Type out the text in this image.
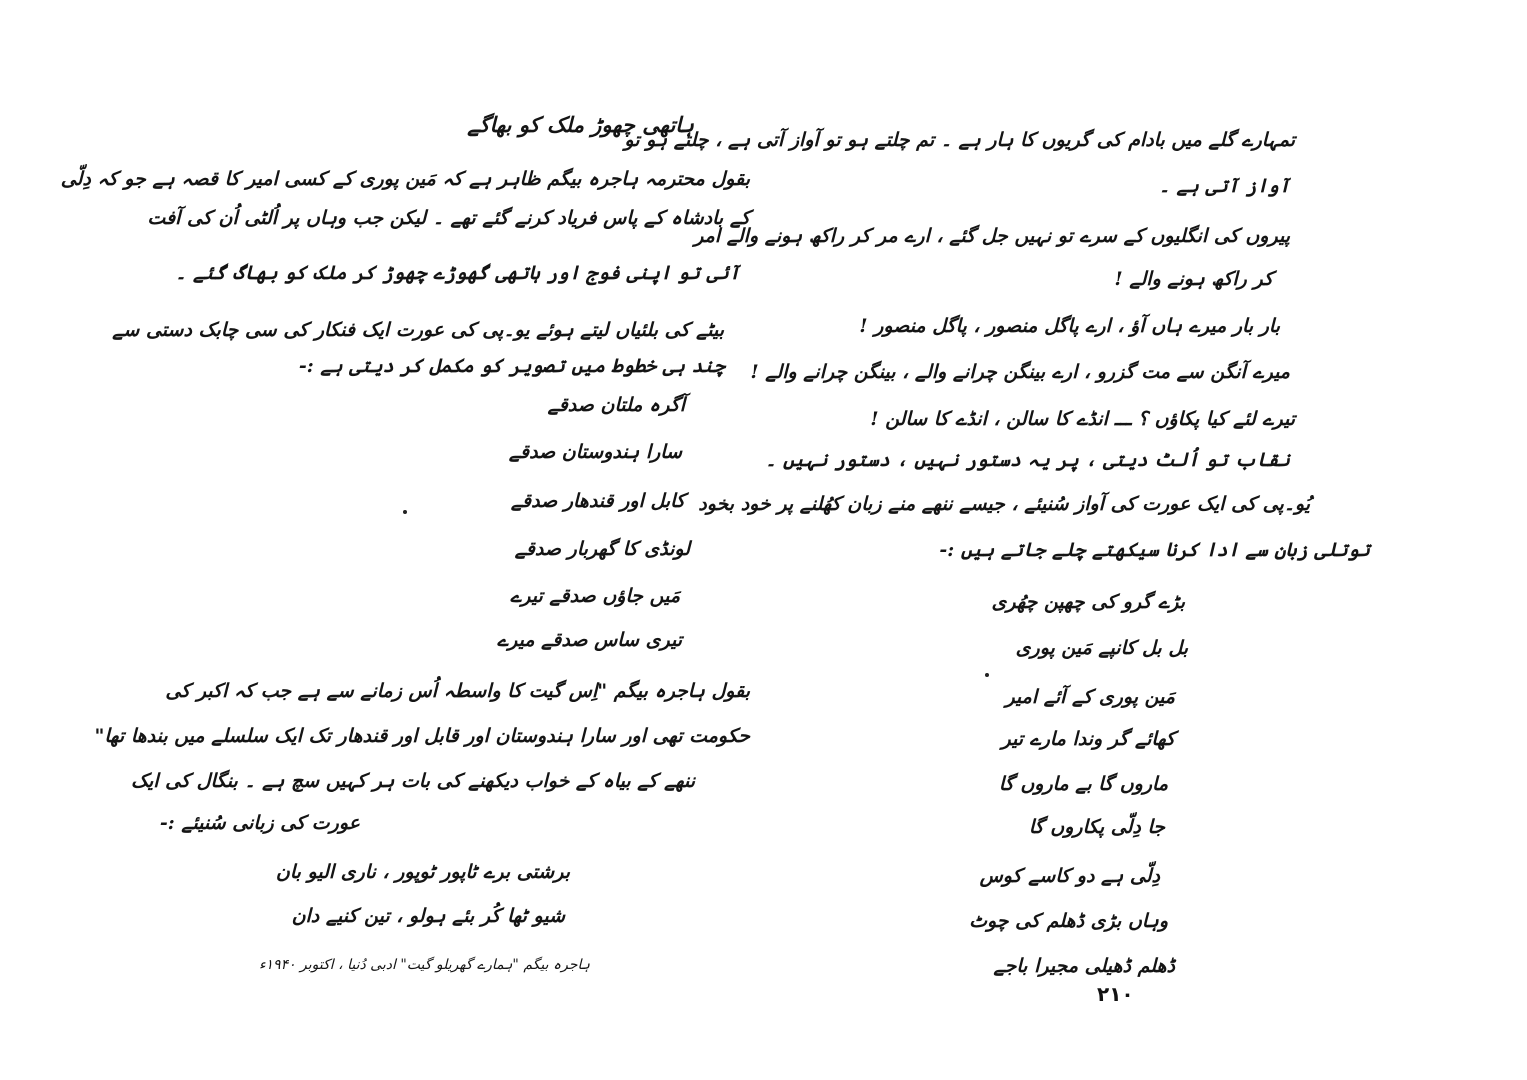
ہاتھی چھوڑ ملک کو بھاگے
بقول محترمہ ہاجرہ بیگم ظاہر ہے کہ مَین پوری کے کسی امیر کا قصہ ہے جو کہ دِلّی
کے بادشاہ کے پاس فریاد کرنے گئے تھے ۔ لیکن جب وہاں پر اُلٹی اُن کی آفت
آئی تو اپنی فوج اور ہاتھی گھوڑے چھوڑ کر ملک کو بھاگ گئے ۔
بیٹے کی بلئیاں لیتے ہوئے یو۔پی کی عورت ایک فنکار کی سی چابک دستی سے
چند ہی خطوط میں تصویر کو مکمل کر دیتی ہے :-
آگرہ ملتان صدقے
سارا ہندوستان صدقے
کابل اور قندھار صدقے
لونڈی کا گھربار صدقے
مَیں جاؤں صدقے تیرے
تیری ساس صدقے میرے
بقول ہاجرہ بیگم "اِس گیت کا واسطہ اُس زمانے سے ہے جب کہ اکبر کی
حکومت تھی اور سارا ہندوستان اور قابل اور قندھار تک ایک سلسلے میں بندھا تھا"
ننھے کے بیاہ کے خواب دیکھنے کی بات ہر کہیں سچ ہے ۔ بنگال کی ایک
عورت کی زبانی سُنیئے :-
برشتی برے ٹاپور ٹوپور ، ناری الیو بان
شیو ٹھا کُر بئے ہولو ، تین کنیے دان
ہاجرہ بیگم "ہمارے گھریلو گیت" ادبی دُنیا ، اکتوبر ۱۹۴۰ء
تمہارے گلے میں بادام کی گریوں کا ہار ہے ۔ تم چلتے ہو تو آواز آتی ہے ، چلتے ہو تو
آواز آتی ہے ۔
پیروں کی انگلیوں کے سرے تو نہیں جل گئے ، ارے مر کر راکھ ہونے والے امر
کر راکھ ہونے والے !
بار بار میرے ہاں آؤ ، ارے پاگل منصور ، پاگل منصور !
میرے آنگن سے مت گزرو ، ارے بینگن چرانے والے ، بینگن چرانے والے !
تیرے لئے کیا پکاؤں ؟ ـــ انڈے کا سالن ، انڈے کا سالن !
نقاب تو اُلٹ دیتی ، پر یہ دستور نہیں ، دستور نہیں ۔
یُو۔پی کی ایک عورت کی آواز سُنیئے ، جیسے ننھے منے زبان کھُلنے پر خود بخود
توتلی زبان سے ادا کرنا سیکھتے چلے جاتے ہیں :-
بڑے گرو کی چھپن چھُری
بل بل کانپے مَین پوری
مَین پوری کے آئے امیر
کھائے گر وندا مارے تیر
ماروں گا بے ماروں گا
جا دِلّی پکاروں گا
دِلّی ہے دو کاسے کوس
وہاں بڑی ڈھلم کی چوٹ
ڈھلم ڈھیلی مجیرا باجے
۲۱۰
